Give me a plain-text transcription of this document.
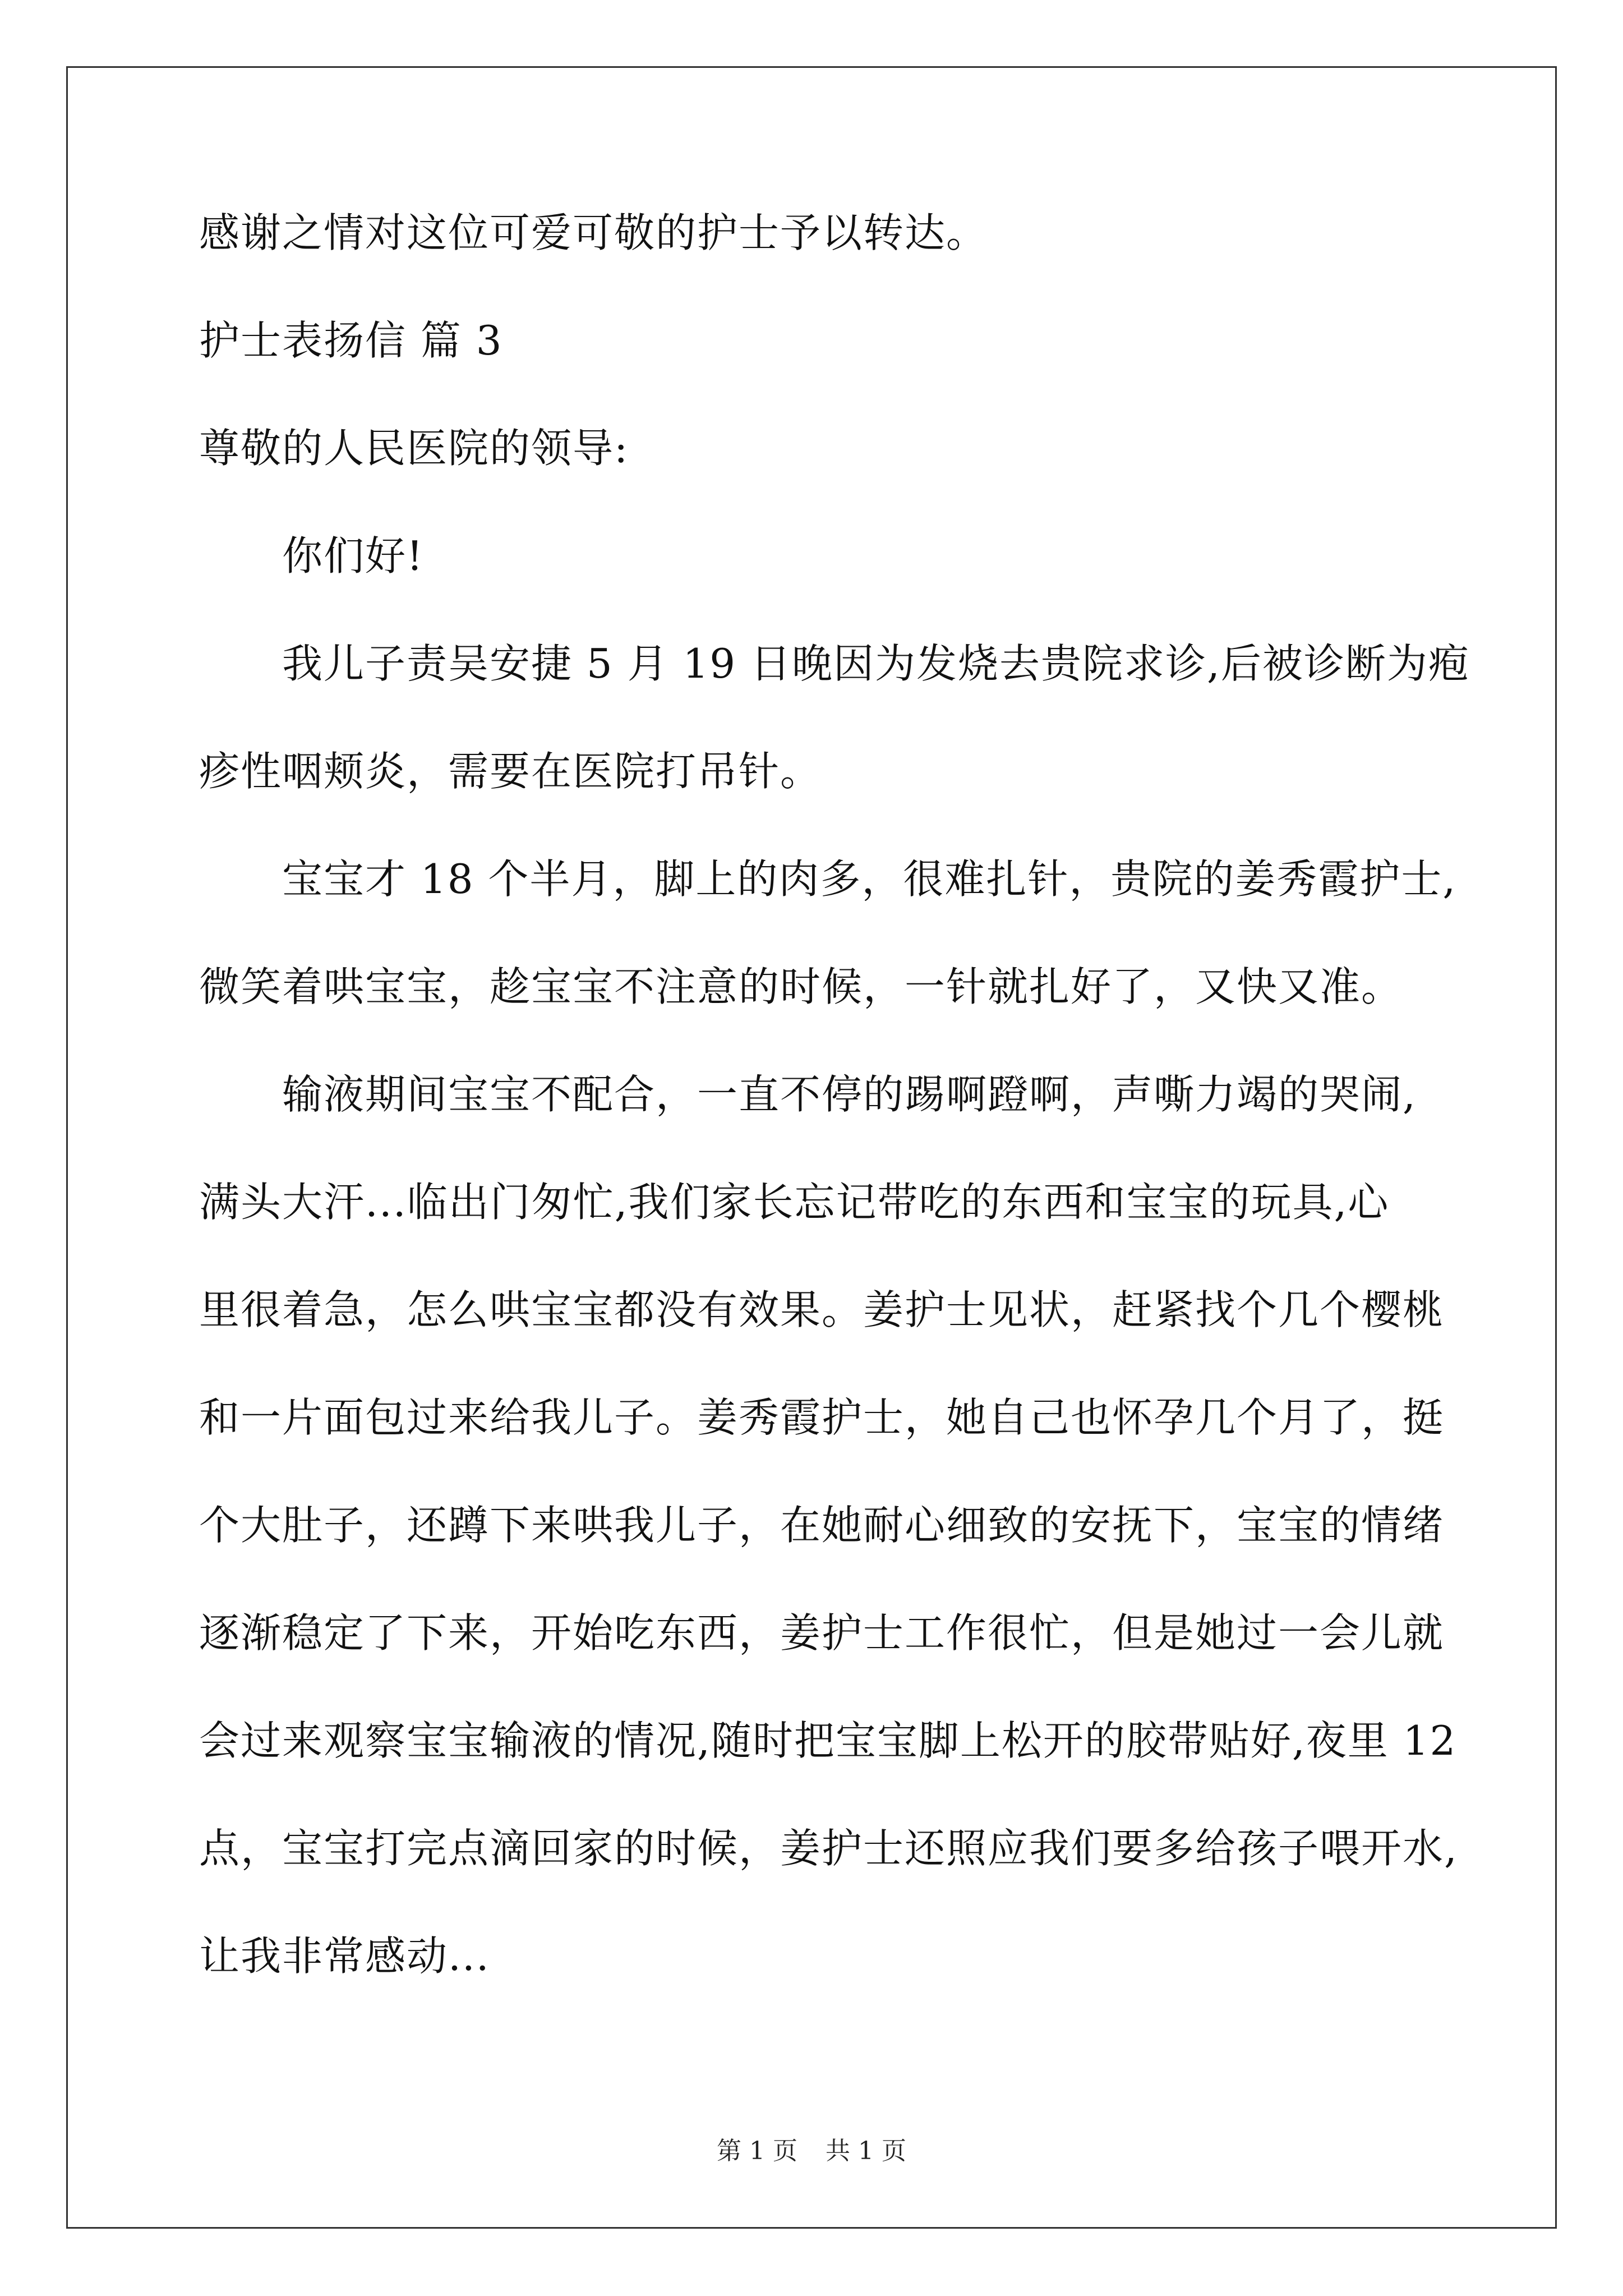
感谢之情对这位可爱可敬的护士予以转达。
护士表扬信 篇 3
尊敬的人民医院的领导:
你们好!
我儿子责吴安捷 5 月 19 日晚因为发烧去贵院求诊,后被诊断为疱
疹性咽颊炎，需要在医院打吊针。
宝宝才 18 个半月，脚上的肉多，很难扎针，贵院的姜秀霞护士,
微笑着哄宝宝，趁宝宝不注意的时候，一针就扎好了，又快又准。
输液期间宝宝不配合，一直不停的踢啊蹬啊，声嘶力竭的哭闹,
满头大汗...临出门匆忙,我们家长忘记带吃的东西和宝宝的玩具,心
里很着急，怎么哄宝宝都没有效果。姜护士见状，赶紧找个几个樱桃
和一片面包过来给我儿子。姜秀霞护士，她自己也怀孕几个月了，挺
个大肚子，还蹲下来哄我儿子，在她耐心细致的安抚下，宝宝的情绪
逐渐稳定了下来，开始吃东西，姜护士工作很忙，但是她过一会儿就
会过来观察宝宝输液的情况,随时把宝宝脚上松开的胶带贴好,夜里 12
点，宝宝打完点滴回家的时候，姜护士还照应我们要多给孩子喂开水,
让我非常感动...
第 1 页 共 1 页
